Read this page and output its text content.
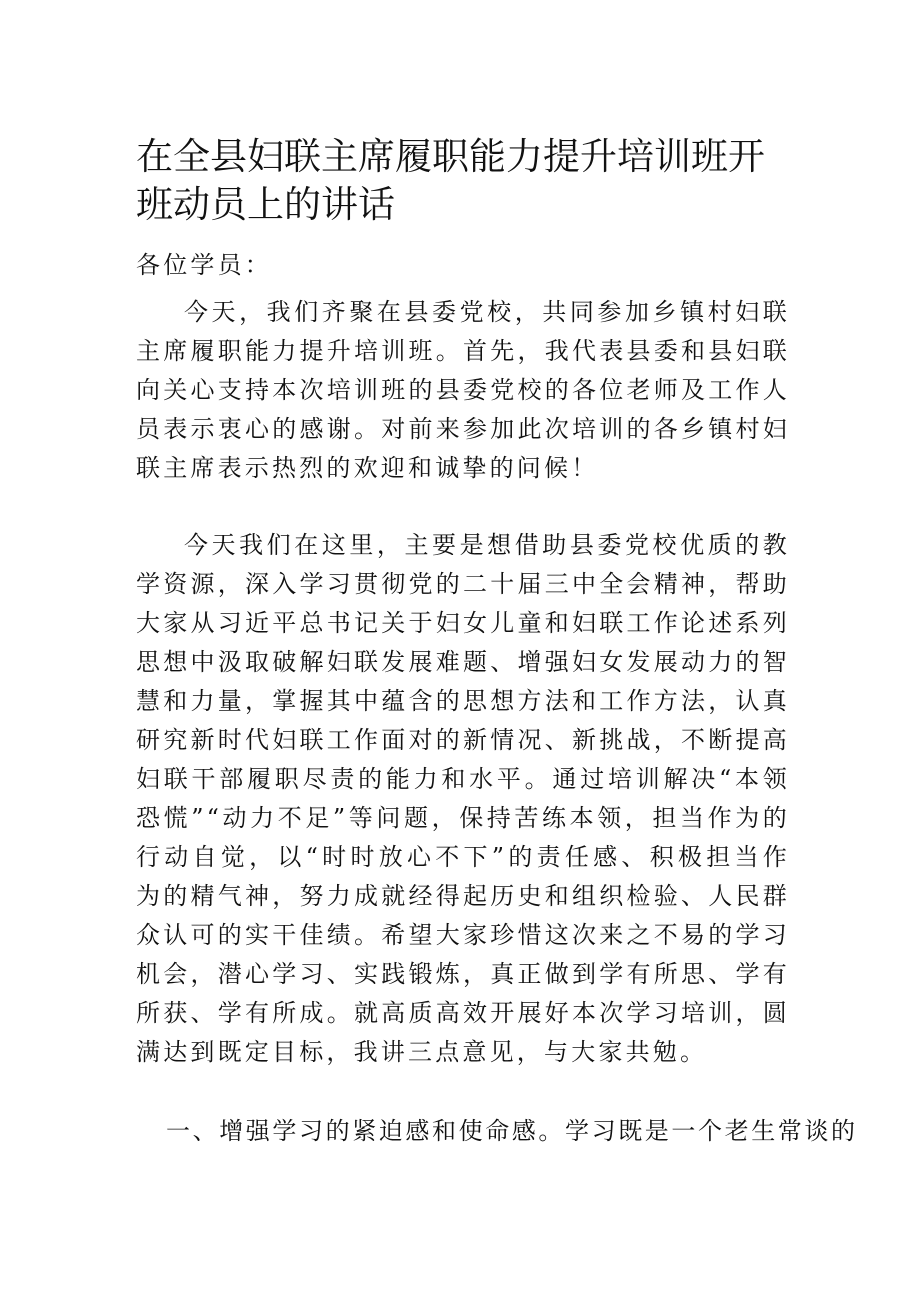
在全县妇联主席履职能力提升培训班开班动员上的讲话

各位学员：

今天，我们齐聚在县委党校，共同参加乡镇村妇联主席履职能力提升培训班。首先，我代表县委和县妇联向关心支持本次培训班的县委党校的各位老师及工作人员表示衷心的感谢。对前来参加此次培训的各乡镇村妇联主席表示热烈的欢迎和诚挚的问候！

今天我们在这里，主要是想借助县委党校优质的教学资源，深入学习贯彻党的二十届三中全会精神，帮助大家从习近平总书记关于妇女儿童和妇联工作论述系列思想中汲取破解妇联发展难题、增强妇女发展动力的智慧和力量，掌握其中蕴含的思想方法和工作方法，认真研究新时代妇联工作面对的新情况、新挑战，不断提高妇联干部履职尽责的能力和水平。通过培训解决“本领恐慌”“动力不足”等问题，保持苦练本领，担当作为的行动自觉，以“时时放心不下”的责任感、积极担当作为的精气神，努力成就经得起历史和组织检验、人民群众认可的实干佳绩。希望大家珍惜这次来之不易的学习机会，潜心学习、实践锻炼，真正做到学有所思、学有所获、学有所成。就高质高效开展好本次学习培训，圆满达到既定目标，我讲三点意见，与大家共勉。

一、增强学习的紧迫感和使命感。学习既是一个老生常谈的
